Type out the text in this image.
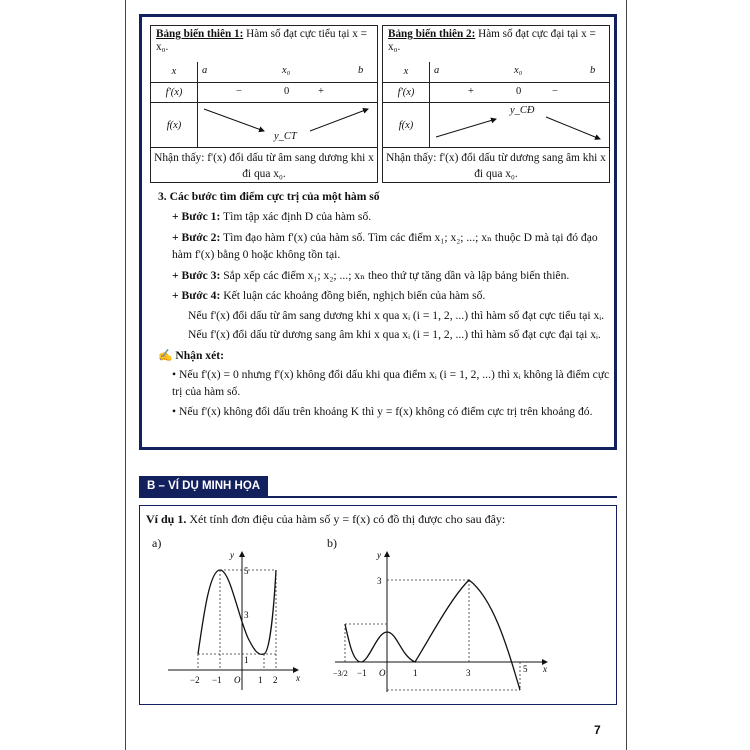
Bảng biến thiên 1: Hàm số đạt cực tiểu tại x = x₀.
x	a x₀ b

f'(x)	− 0 +

f(x)	y_CT
Nhận thấy: f'(x) đổi dấu từ âm sang dương khi x đi qua x₀.
Bảng biến thiên 2: Hàm số đạt cực đại tại x = x₀.
x	a x₀ b

f'(x)	+ 0 −

f(x)	y_CĐ
Nhận thấy: f'(x) đổi dấu từ dương sang âm khi x đi qua x₀.

3. Các bước tìm điểm cực trị của một hàm số

+ Bước 1: Tìm tập xác định D của hàm số.

+ Bước 2: Tìm đạo hàm f'(x) của hàm số. Tìm các điểm x₁; x₂; ...; xₙ thuộc D mà tại đó đạo hàm f'(x) bằng 0 hoặc không tồn tại.

+ Bước 3: Sắp xếp các điểm x₁; x₂; ...; xₙ theo thứ tự tăng dần và lập bảng biến thiên.

+ Bước 4: Kết luận các khoảng đồng biến, nghịch biến của hàm số.

Nếu f'(x) đổi dấu từ âm sang dương khi x qua xᵢ (i = 1, 2, ...) thì hàm số đạt cực tiểu tại xᵢ.

Nếu f'(x) đổi dấu từ dương sang âm khi x qua xᵢ (i = 1, 2, ...) thì hàm số đạt cực đại tại xᵢ.

✍ Nhận xét:

• Nếu f'(x) = 0 nhưng f'(x) không đổi dấu khi qua điểm xᵢ (i = 1, 2, ...) thì xᵢ không là điểm cực trị của hàm số.

• Nếu f'(x) không đổi dấu trên khoảng K thì y = f(x) không có điểm cực trị trên khoảng đó.

B – VÍ DỤ MINH HỌA
Ví dụ 1. Xét tính đơn điệu của hàm số y = f(x) có đồ thị được cho sau đây:
a)	b)
y
x
5
3
1
−2 −1 O 1 2
y
x
3
−3/2 −1 O	1	3	5
7
